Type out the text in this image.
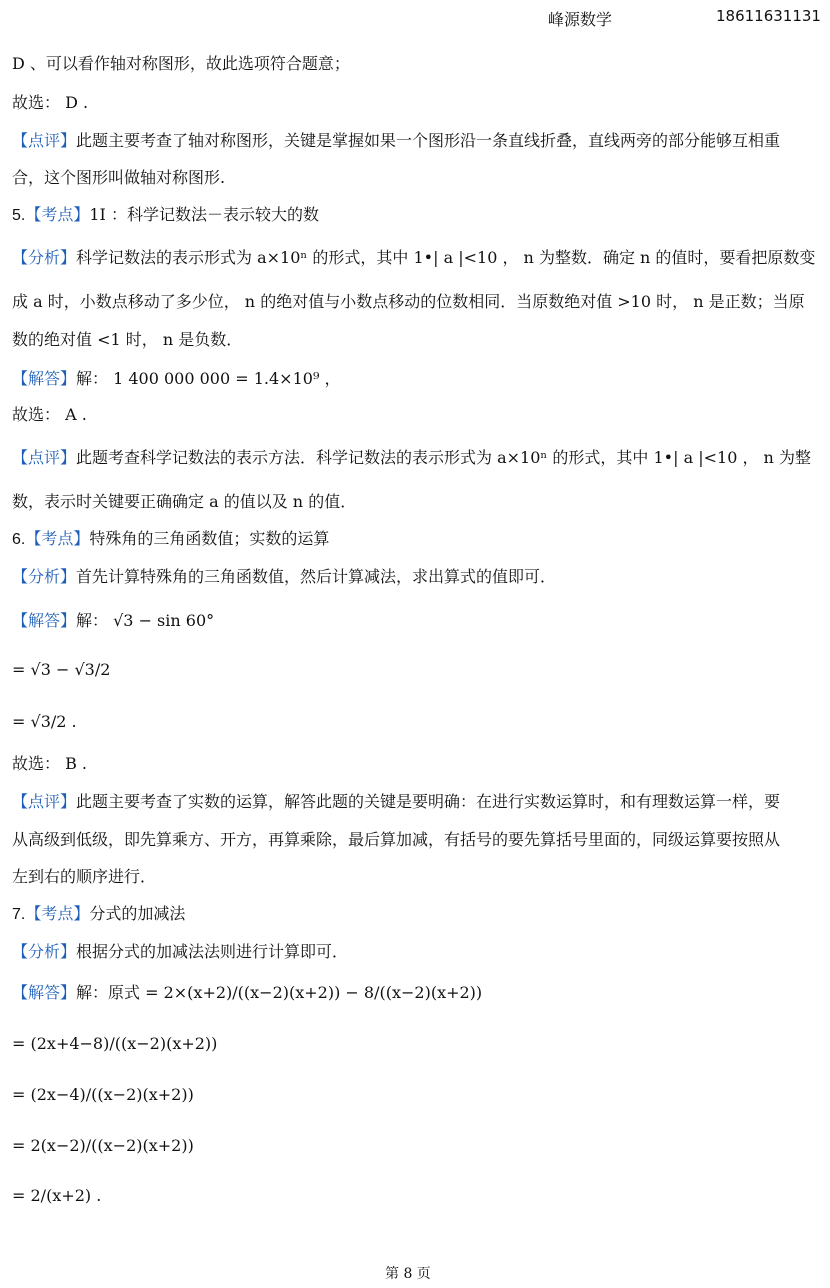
峰源数学	18611631131
D 、可以看作轴对称图形，故此选项符合题意；
故选： D .
【点评】此题主要考查了轴对称图形，关键是掌握如果一个图形沿一条直线折叠，直线两旁的部分能够互相重
合，这个图形叫做轴对称图形.
5.【考点】1I ：科学记数法－表示较大的数
【分析】科学记数法的表示形式为 a×10ⁿ 的形式，其中 1•| a |<10 ， n 为整数．确定 n 的值时，要看把原数变
成 a 时，小数点移动了多少位， n 的绝对值与小数点移动的位数相同．当原数绝对值 >10 时， n 是正数；当原
数的绝对值 <1 时， n 是负数．
【解答】解： 1 400 000 000 = 1.4×10⁹ ，
故选： A .
【点评】此题考查科学记数法的表示方法．科学记数法的表示形式为 a×10ⁿ 的形式，其中 1•| a |<10 ， n 为整
数，表示时关键要正确确定 a 的值以及 n 的值．
6.【考点】特殊角的三角函数值；实数的运算
【分析】首先计算特殊角的三角函数值，然后计算减法，求出算式的值即可．
【解答】解： √3 − sin 60°
= √3 − √3/2
= √3/2 .
故选： B .
【点评】此题主要考查了实数的运算，解答此题的关键是要明确：在进行实数运算时，和有理数运算一样，要
从高级到低级，即先算乘方、开方，再算乘除，最后算加减，有括号的要先算括号里面的，同级运算要按照从
左到右的顺序进行．
7.【考点】分式的加减法
【分析】根据分式的加减法法则进行计算即可．
【解答】解：原式 = 2×(x+2)/((x−2)(x+2)) − 8/((x−2)(x+2))
= (2x+4−8)/((x−2)(x+2))
= (2x−4)/((x−2)(x+2))
= 2(x−2)/((x−2)(x+2))
= 2/(x+2) .
第 8 页
